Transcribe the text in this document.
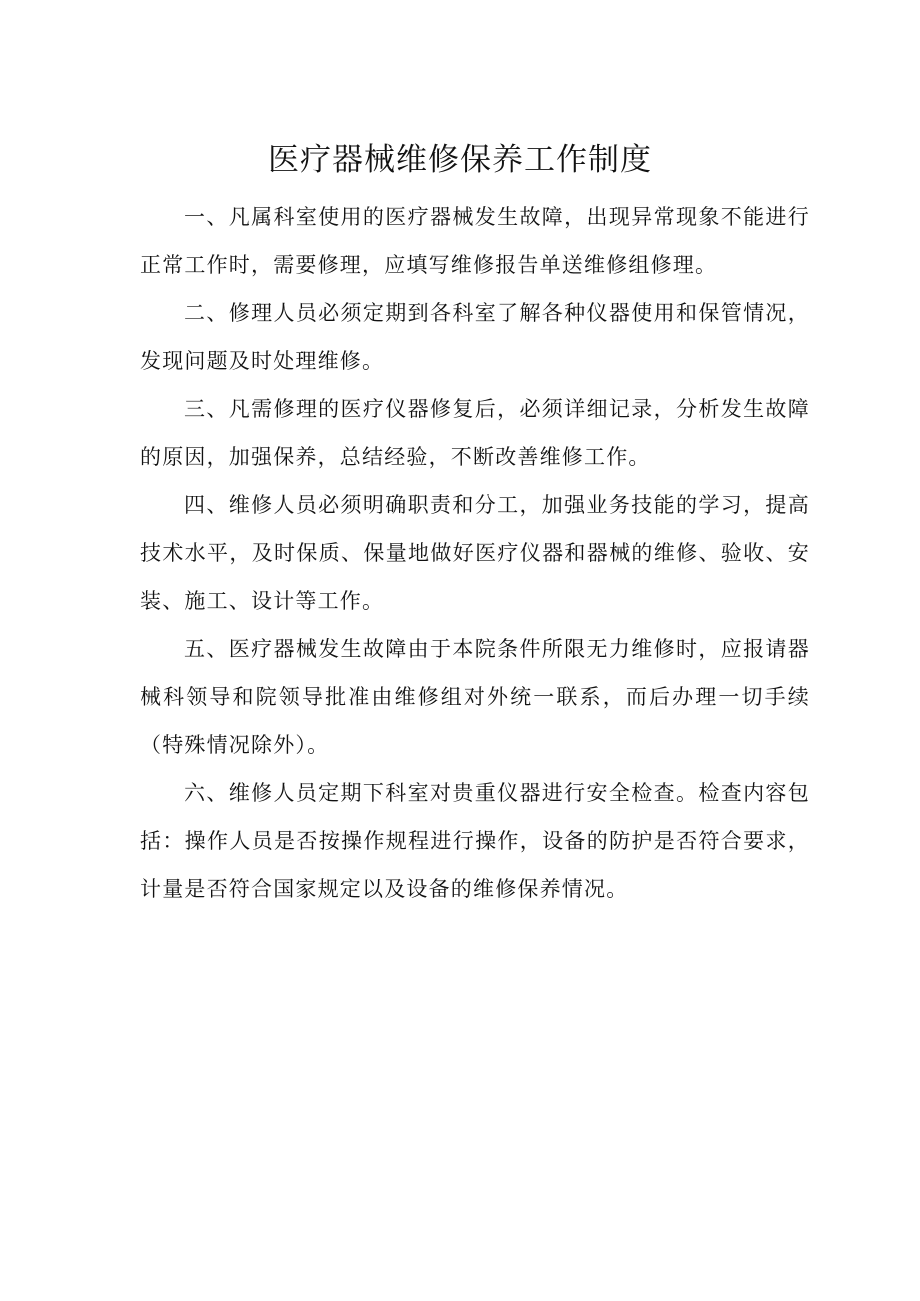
医疗器械维修保养工作制度

一、凡属科室使用的医疗器械发生故障，出现异常现象不能进行正常工作时，需要修理，应填写维修报告单送维修组修理。

二、修理人员必须定期到各科室了解各种仪器使用和保管情况，发现问题及时处理维修。

三、凡需修理的医疗仪器修复后，必须详细记录，分析发生故障的原因，加强保养，总结经验，不断改善维修工作。

四、维修人员必须明确职责和分工，加强业务技能的学习，提高技术水平，及时保质、保量地做好医疗仪器和器械的维修、验收、安装、施工、设计等工作。

五、医疗器械发生故障由于本院条件所限无力维修时，应报请器械科领导和院领导批准由维修组对外统一联系，而后办理一切手续（特殊情况除外）。

六、维修人员定期下科室对贵重仪器进行安全检查。检查内容包括：操作人员是否按操作规程进行操作，设备的防护是否符合要求，计量是否符合国家规定以及设备的维修保养情况。
